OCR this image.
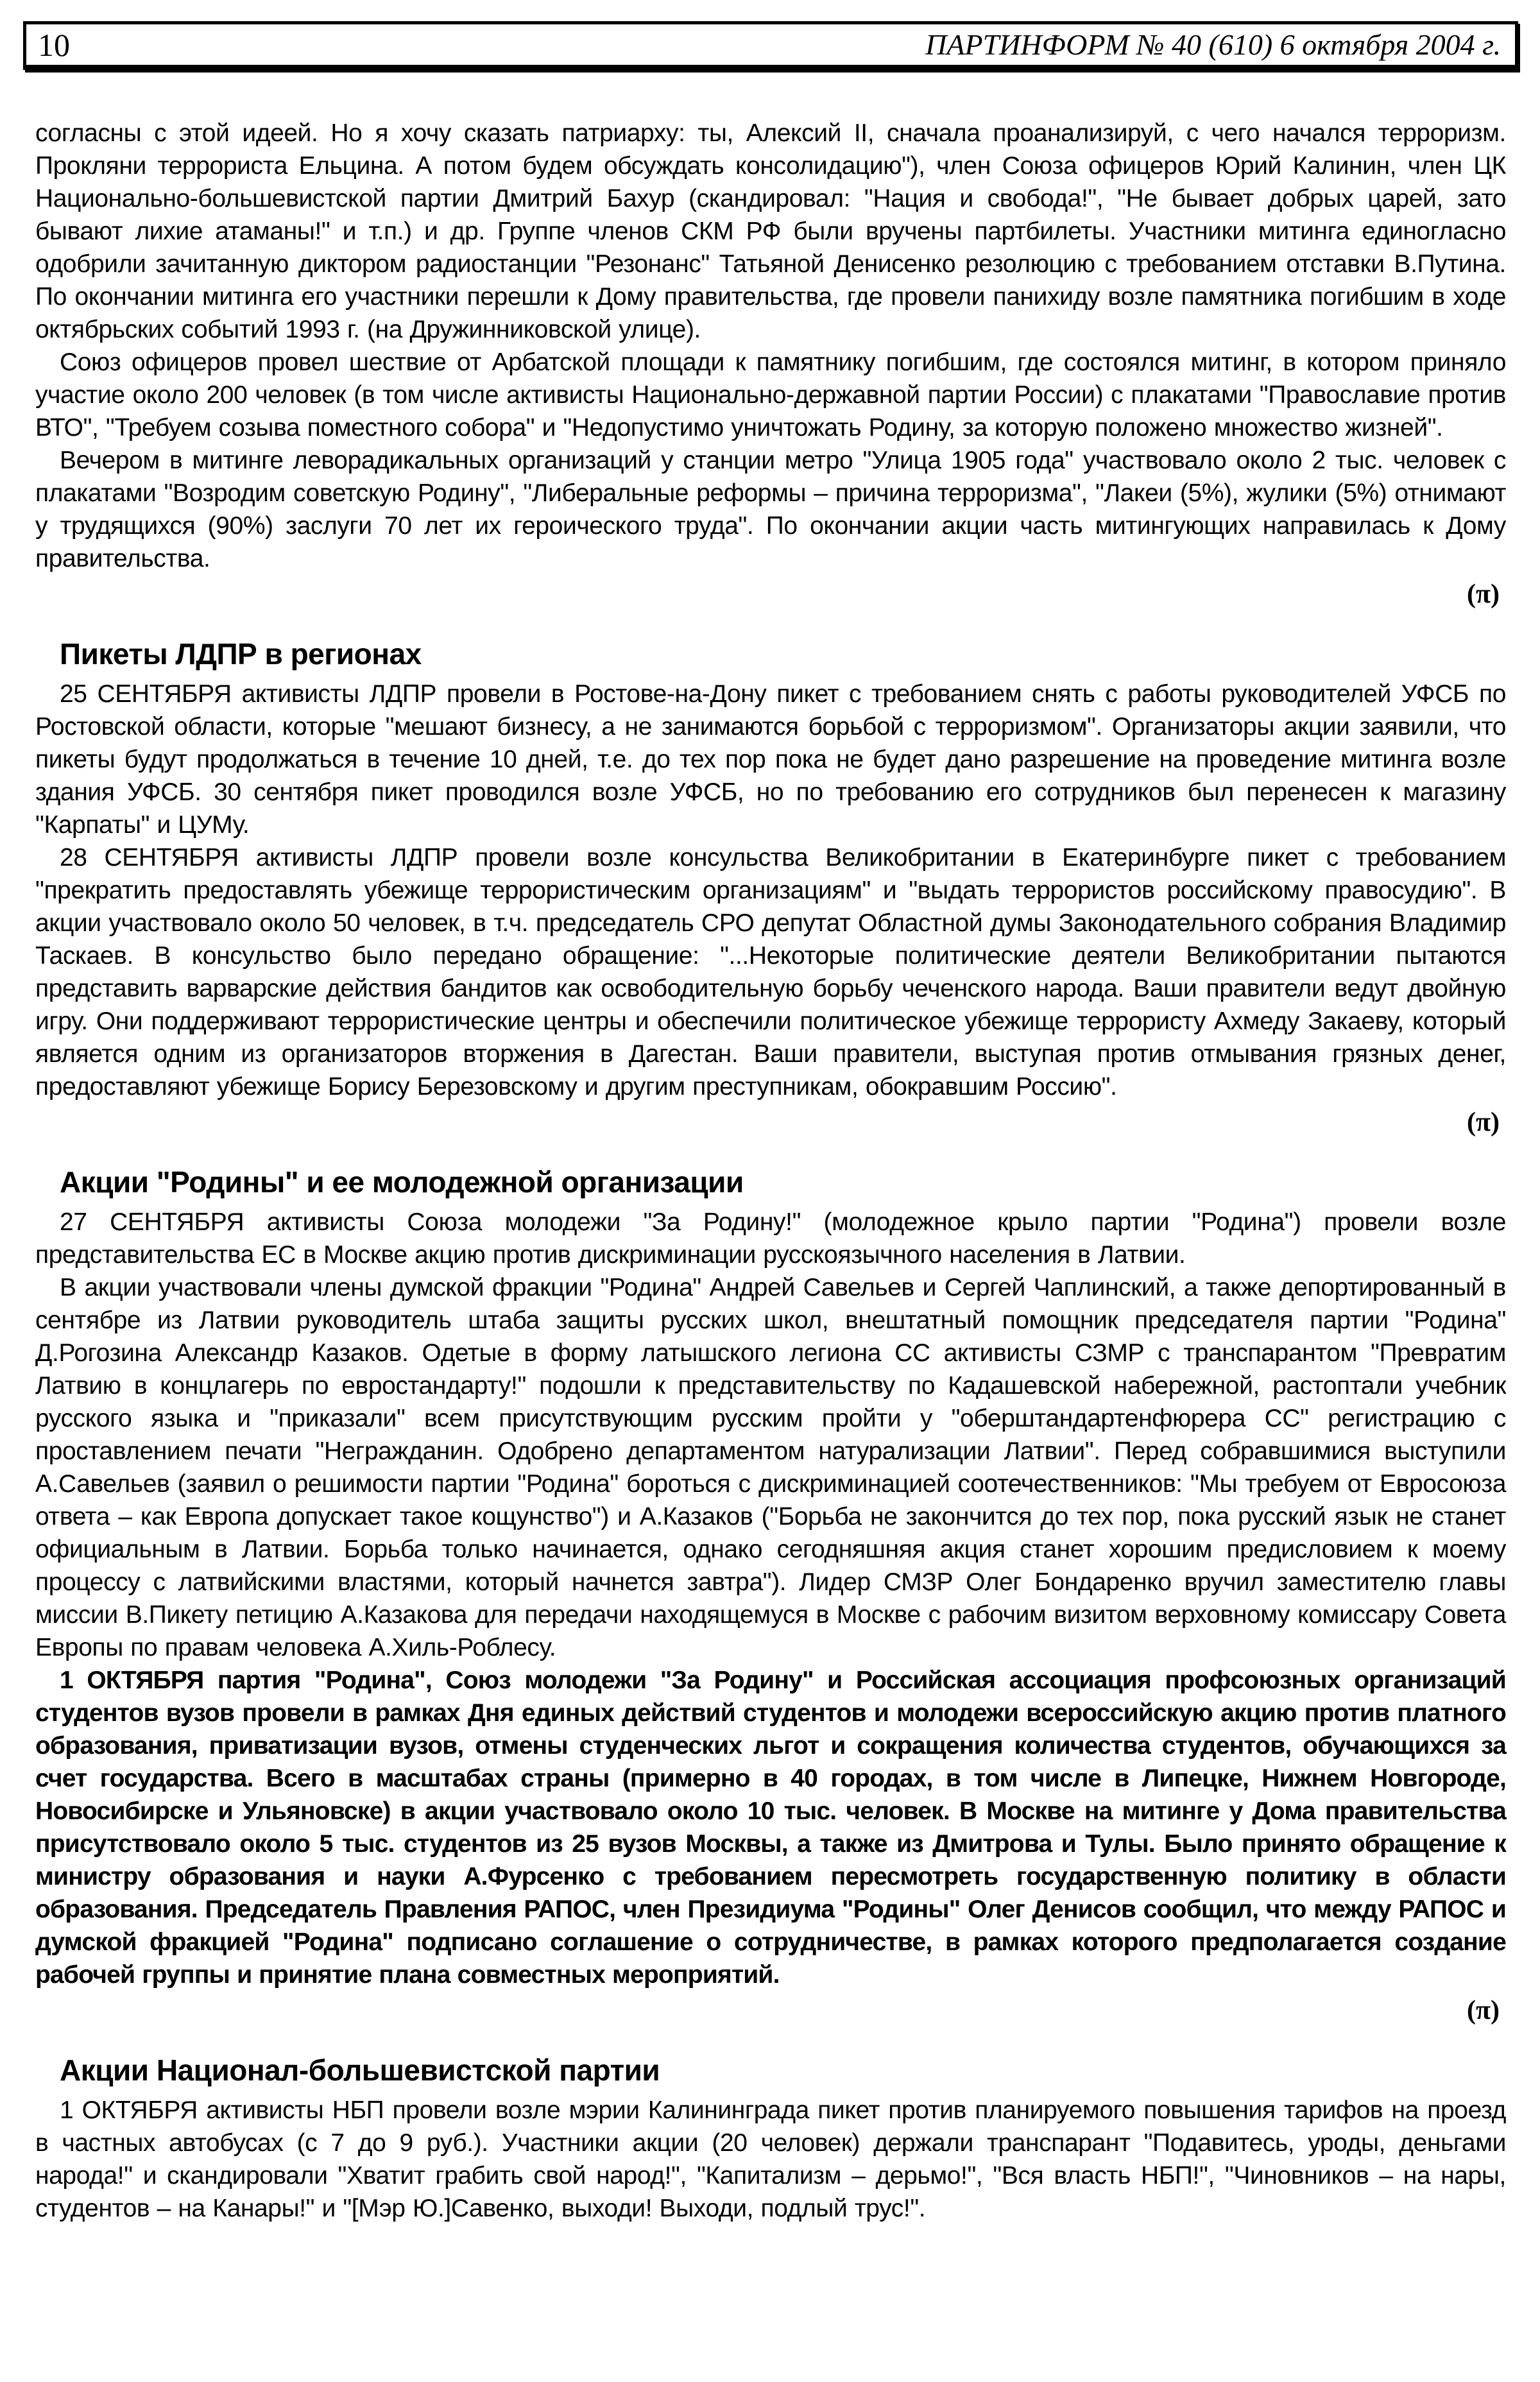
10	ПАРТИНФОРМ № 40 (610) 6 октября 2004 г.

согласны с этой идеей. Но я хочу сказать патриарху: ты, Алексий II, сначала проанализируй, с чего начался терроризм. Прокляни террориста Ельцина. А потом будем обсуждать консолидацию"), член Союза офицеров Юрий Калинин, член ЦК Национально-большевистской партии Дмитрий Бахур (скандировал: "Нация и свобода!", "Не бывает добрых царей, зато бывают лихие атаманы!" и т.п.) и др. Группе членов СКМ РФ были вручены партбилеты. Участники митинга единогласно одобрили зачитанную диктором радиостанции "Резонанс" Татьяной Денисенко резолюцию с требованием отставки В.Путина. По окончании митинга его участники перешли к Дому правительства, где провели панихиду возле памятника погибшим в ходе октябрьских событий 1993 г. (на Дружинниковской улице).

Союз офицеров провел шествие от Арбатской площади к памятнику погибшим, где состоялся митинг, в котором приняло участие около 200 человек (в том числе активисты Национально-державной партии России) с плакатами "Православие против ВТО", "Требуем созыва поместного собора" и "Недопустимо уничтожать Родину, за которую положено множество жизней".

Вечером в митинге леворадикальных организаций у станции метро "Улица 1905 года" участвовало около 2 тыс. человек с плакатами "Возродим советскую Родину", "Либеральные реформы – причина терроризма", "Лакеи (5%), жулики (5%) отнимают у трудящихся (90%) заслуги 70 лет их героического труда". По окончании акции часть митингующих направилась к Дому правительства.

(π)
Пикеты ЛДПР в регионах

25 СЕНТЯБРЯ активисты ЛДПР провели в Ростове-на-Дону пикет с требованием снять с работы руководителей УФСБ по Ростовской области, которые "мешают бизнесу, а не занимаются борьбой с терроризмом". Организаторы акции заявили, что пикеты будут продолжаться в течение 10 дней, т.е. до тех пор пока не будет дано разрешение на проведение митинга возле здания УФСБ. 30 сентября пикет проводился возле УФСБ, но по требованию его сотрудников был перенесен к магазину "Карпаты" и ЦУМу.

28 СЕНТЯБРЯ активисты ЛДПР провели возле консульства Великобритании в Екатеринбурге пикет с требованием "прекратить предоставлять убежище террористическим организациям" и "выдать террористов российскому правосудию". В акции участвовало около 50 человек, в т.ч. председатель СРО депутат Областной думы Законодательного собрания Владимир Таскаев. В консульство было передано обращение: "...Некоторые политические деятели Великобритании пытаются представить варварские действия бандитов как освободительную борьбу чеченского народа. Ваши правители ведут двойную игру. Они поддерживают террористические центры и обеспечили политическое убежище террористу Ахмеду Закаеву, который является одним из организаторов вторжения в Дагестан. Ваши правители, выступая против отмывания грязных денег, предоставляют убежище Борису Березовскому и другим преступникам, обокравшим Россию".

(π)
Акции "Родины" и ее молодежной организации

27 СЕНТЯБРЯ активисты Союза молодежи "За Родину!" (молодежное крыло партии "Родина") провели возле представительства ЕС в Москве акцию против дискриминации русскоязычного населения в Латвии.

В акции участвовали члены думской фракции "Родина" Андрей Савельев и Сергей Чаплинский, а также депортированный в сентябре из Латвии руководитель штаба защиты русских школ, внештатный помощник председателя партии "Родина" Д.Рогозина Александр Казаков. Одетые в форму латышского легиона СС активисты СЗМР с транспарантом "Превратим Латвию в концлагерь по евростандарту!" подошли к представительству по Кадашевской набережной, растоптали учебник русского языка и "приказали" всем присутствующим русским пройти у "оберштандартенфюрера СС" регистрацию с проставлением печати "Негражданин. Одобрено департаментом натурализации Латвии". Перед собравшимися выступили А.Савельев (заявил о решимости партии "Родина" бороться с дискриминацией соотечественников: "Мы требуем от Евросоюза ответа – как Европа допускает такое кощунство") и А.Казаков ("Борьба не закончится до тех пор, пока русский язык не станет официальным в Латвии. Борьба только начинается, однако сегодняшняя акция станет хорошим предисловием к моему процессу с латвийскими властями, который начнется завтра"). Лидер СМЗР Олег Бондаренко вручил заместителю главы миссии В.Пикету петицию А.Казакова для передачи находящемуся в Москве с рабочим визитом верховному комиссару Совета Европы по правам человека А.Хиль-Роблесу.

1 ОКТЯБРЯ партия "Родина", Союз молодежи "За Родину" и Российская ассоциация профсоюзных организаций студентов вузов провели в рамках Дня единых действий студентов и молодежи всероссийскую акцию против платного образования, приватизации вузов, отмены студенческих льгот и сокращения количества студентов, обучающихся за счет государства. Всего в масштабах страны (примерно в 40 городах, в том числе в Липецке, Нижнем Новгороде, Новосибирске и Ульяновске) в акции участвовало около 10 тыс. человек. В Москве на митинге у Дома правительства присутствовало около 5 тыс. студентов из 25 вузов Москвы, а также из Дмитрова и Тулы. Было принято обращение к министру образования и науки А.Фурсенко с требованием пересмотреть государственную политику в области образования. Председатель Правления РАПОС, член Президиума "Родины" Олег Денисов сообщил, что между РАПОС и думской фракцией "Родина" подписано соглашение о сотрудничестве, в рамках которого предполагается создание рабочей группы и принятие плана совместных мероприятий.

(π)
Акции Национал-большевистской партии

1 ОКТЯБРЯ активисты НБП провели возле мэрии Калининграда пикет против планируемого повышения тарифов на проезд в частных автобусах (с 7 до 9 руб.). Участники акции (20 человек) держали транспарант "Подавитесь, уроды, деньгами народа!" и скандировали "Хватит грабить свой народ!", "Капитализм – дерьмо!", "Вся власть НБП!", "Чиновников – на нары, студентов – на Канары!" и "[Мэр Ю.]Савенко, выходи! Выходи, подлый трус!".
